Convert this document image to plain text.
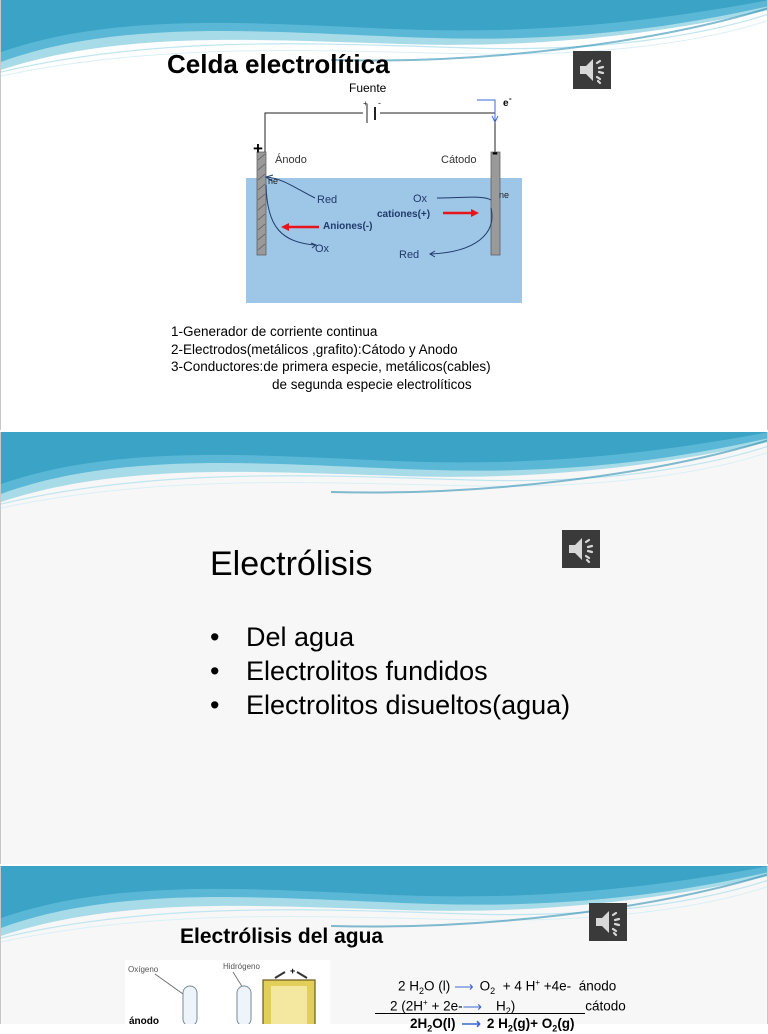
Celda electrolítica
+ -
Fuente
e -
+	-
Ánodo	Cátodo
ne
ne
Red
Ox
Ox
Red
cationes(+)
Aniones(-)
1-Generador de corriente continua
2-Electrodos(metálicos ,grafito):Cátodo y Anodo
3-Conductores:de primera especie, metálicos(cables)
de segunda especie electrolíticos
Electrólisis
• Del agua
• Electrolitos fundidos
• Electrolitos disueltos(agua)
Electrólisis del agua
Oxígeno	Hidrógeno	+
ánodo
2 $H_2O$ (l) ⟶ $O_2 + 4$ H+ +4e- ánodo
2 (2H+ + 2e-⟶ $H_2$)	cátodo
$2H_2O(l)$ ⟶ 2 $H_2(g)+ O_2(g)$
